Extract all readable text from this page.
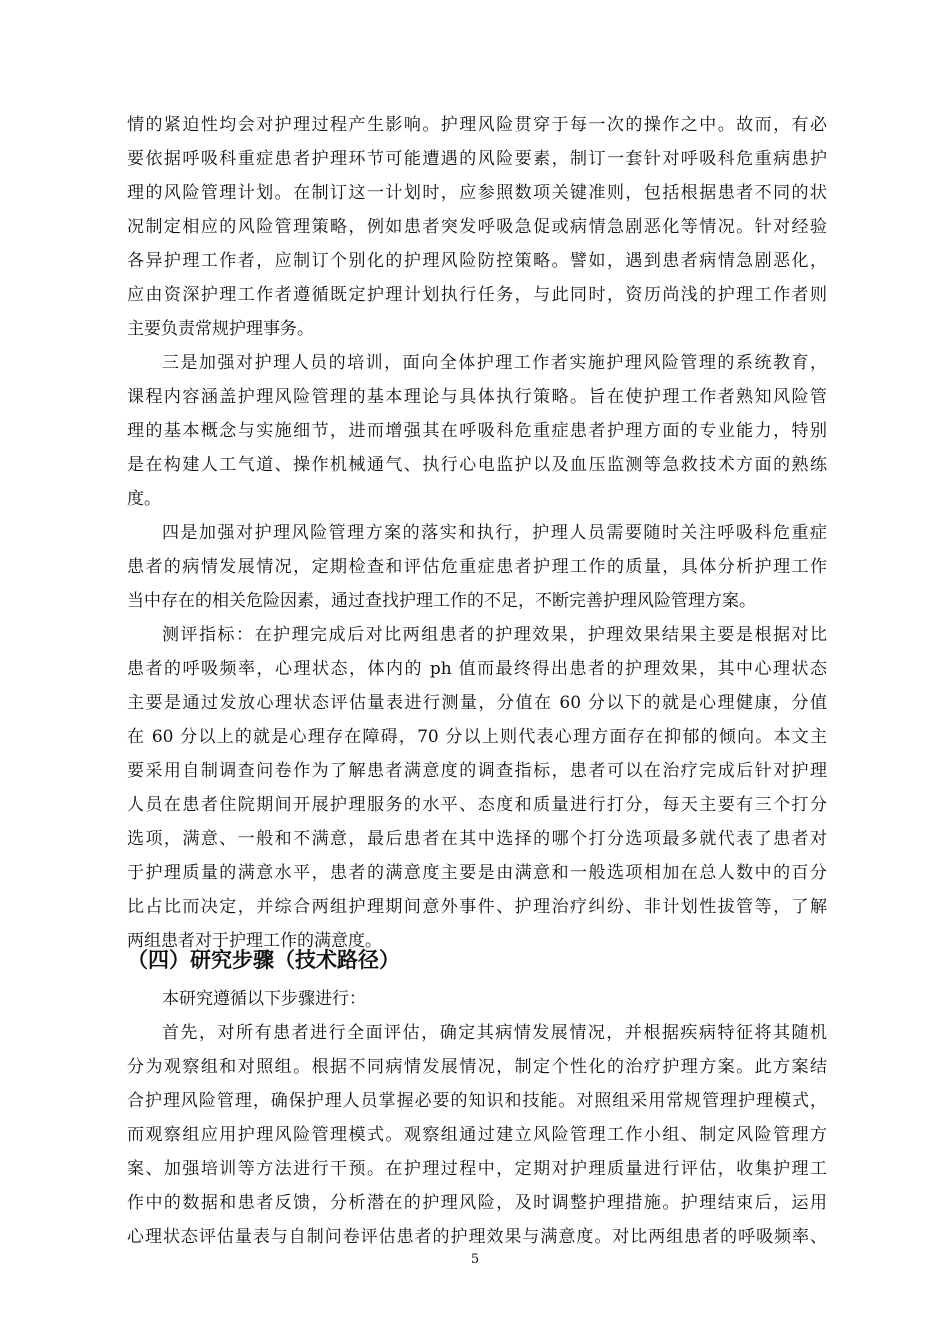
情的紧迫性均会对护理过程产生影响。护理风险贯穿于每一次的操作之中。故而，有必
要依据呼吸科重症患者护理环节可能遭遇的风险要素，制订一套针对呼吸科危重病患护
理的风险管理计划。在制订这一计划时，应参照数项关键准则，包括根据患者不同的状
况制定相应的风险管理策略，例如患者突发呼吸急促或病情急剧恶化等情况。针对经验
各异护理工作者，应制订个别化的护理风险防控策略。譬如，遇到患者病情急剧恶化，
应由资深护理工作者遵循既定护理计划执行任务，与此同时，资历尚浅的护理工作者则
主要负责常规护理事务。
三是加强对护理人员的培训，面向全体护理工作者实施护理风险管理的系统教育，
课程内容涵盖护理风险管理的基本理论与具体执行策略。旨在使护理工作者熟知风险管
理的基本概念与实施细节，进而增强其在呼吸科危重症患者护理方面的专业能力，特别
是在构建人工气道、操作机械通气、执行心电监护以及血压监测等急救技术方面的熟练
度。
四是加强对护理风险管理方案的落实和执行，护理人员需要随时关注呼吸科危重症
患者的病情发展情况，定期检查和评估危重症患者护理工作的质量，具体分析护理工作
当中存在的相关危险因素，通过查找护理工作的不足，不断完善护理风险管理方案。
测评指标：在护理完成后对比两组患者的护理效果，护理效果结果主要是根据对比
患者的呼吸频率，心理状态，体内的 ph 值而最终得出患者的护理效果，其中心理状态
主要是通过发放心理状态评估量表进行测量，分值在 60 分以下的就是心理健康，分值
在 60 分以上的就是心理存在障碍，70 分以上则代表心理方面存在抑郁的倾向。本文主
要采用自制调查问卷作为了解患者满意度的调查指标，患者可以在治疗完成后针对护理
人员在患者住院期间开展护理服务的水平、态度和质量进行打分，每天主要有三个打分
选项，满意、一般和不满意，最后患者在其中选择的哪个打分选项最多就代表了患者对
于护理质量的满意水平，患者的满意度主要是由满意和一般选项相加在总人数中的百分
比占比而决定，并综合两组护理期间意外事件、护理治疗纠纷、非计划性拔管等，了解
两组患者对于护理工作的满意度。
（四）研究步骤（技术路径）
本研究遵循以下步骤进行：
首先，对所有患者进行全面评估，确定其病情发展情况，并根据疾病特征将其随机
分为观察组和对照组。根据不同病情发展情况，制定个性化的治疗护理方案。此方案结
合护理风险管理，确保护理人员掌握必要的知识和技能。对照组采用常规管理护理模式，
而观察组应用护理风险管理模式。观察组通过建立风险管理工作小组、制定风险管理方
案、加强培训等方法进行干预。在护理过程中，定期对护理质量进行评估，收集护理工
作中的数据和患者反馈，分析潜在的护理风险，及时调整护理措施。护理结束后，运用
心理状态评估量表与自制问卷评估患者的护理效果与满意度。对比两组患者的呼吸频率、
5
